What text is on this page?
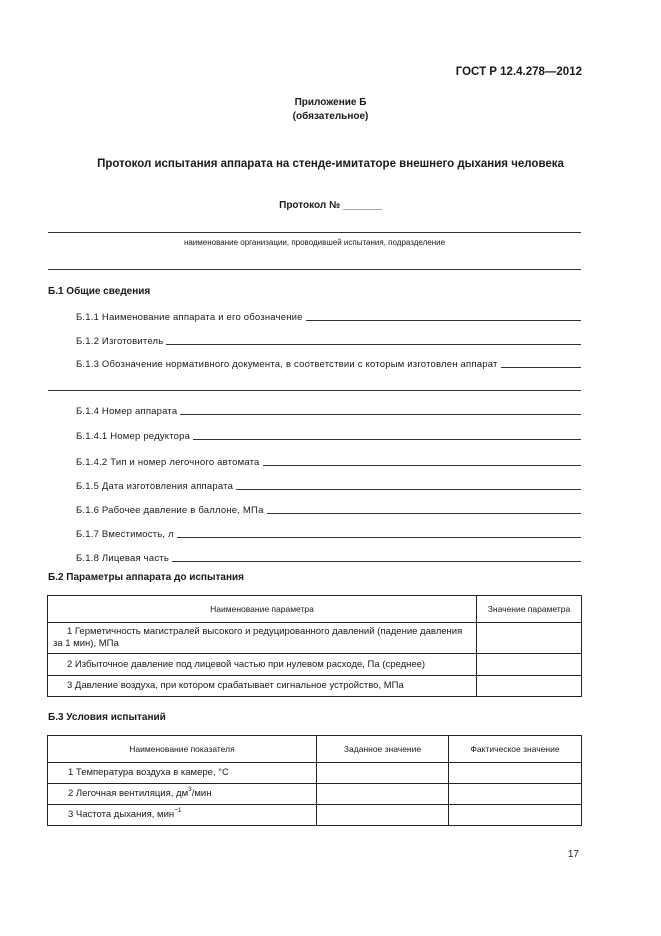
ГОСТ Р 12.4.278—2012
Приложение Б
(обязательное)
Протокол испытания аппарата на стенде-имитаторе внешнего дыхания человека
Протокол № _______
наименование организации, проводившей испытания, подразделение
Б.1 Общие сведения
Б.1.1 Наименование аппарата и его обозначение
Б.1.2 Изготовитель
Б.1.3 Обозначение нормативного документа, в соответствии с которым изготовлен аппарат
Б.1.4 Номер аппарата
Б.1.4.1 Номер редуктора
Б.1.4.2 Тип и номер легочного автомата
Б.1.5 Дата изготовления аппарата
Б.1.6 Рабочее давление в баллоне, МПа
Б.1.7 Вместимость, л
Б.1.8 Лицевая часть
Б.2 Параметры аппарата до испытания
Наименование параметра	Значение параметра
1 Герметичность магистралей высокого и редуцированного давлений (падение давления за 1 мин), МПа	
2 Избыточное давление под лицевой частью при нулевом расходе, Па (среднее)	
3 Давление воздуха, при котором срабатывает сигнальное устройство, МПа	
Б.3 Условия испытаний
Наименование показателя	Заданное значение	Фактическое значение
1 Температура воздуха в камере, °С		
2 Легочная вентиляция, $дм^3$/мин		
3 Частота дыхания, мин$^{-1}$		
17
